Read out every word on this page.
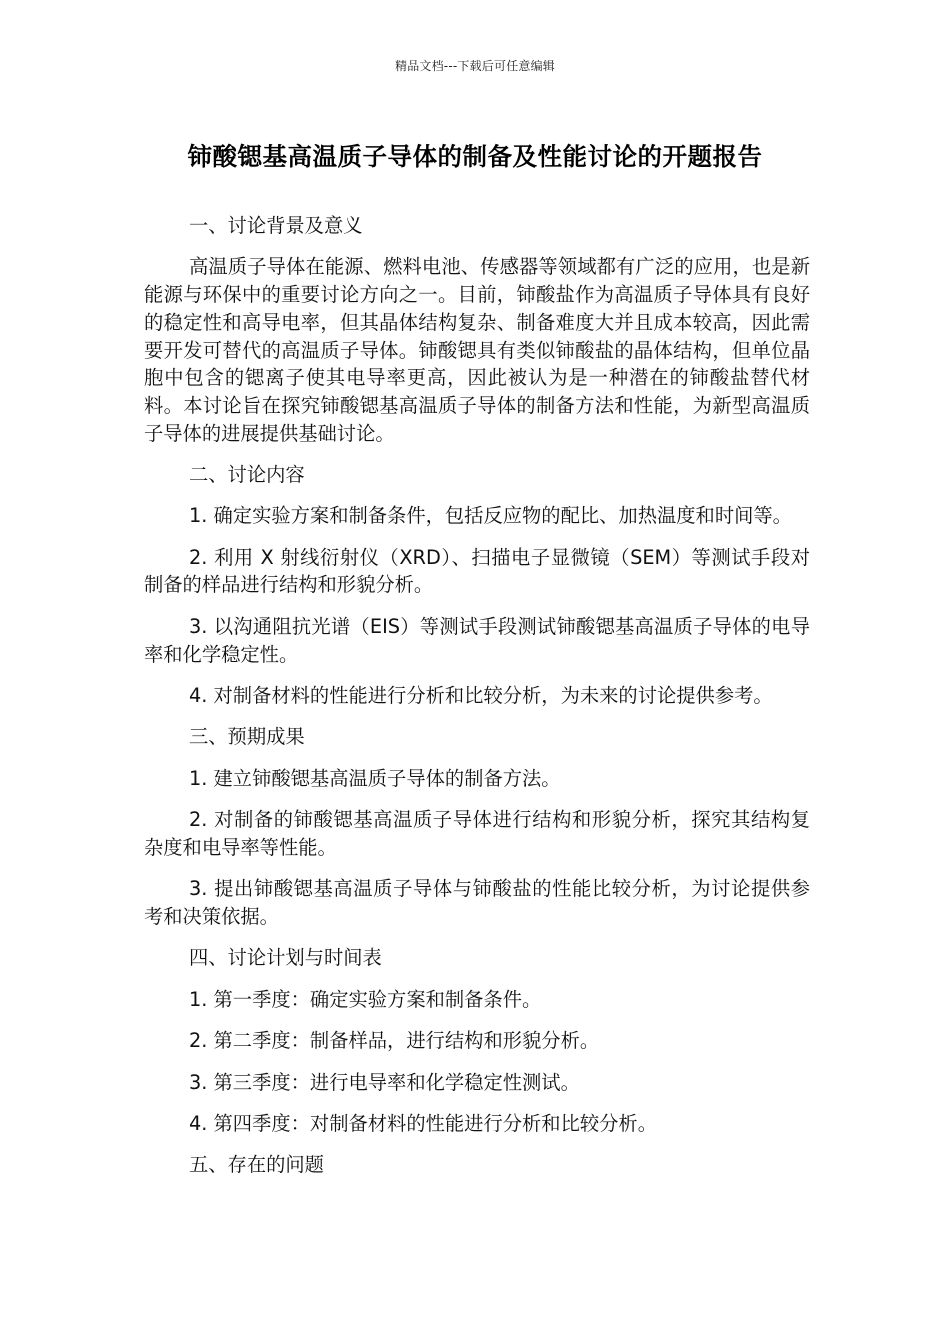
精品文档---下载后可任意编辑
铈酸锶基高温质子导体的制备及性能讨论的开题报告

一、讨论背景及意义

高温质子导体在能源、燃料电池、传感器等领域都有广泛的应用，也是新能源与环保中的重要讨论方向之一。目前，铈酸盐作为高温质子导体具有良好的稳定性和高导电率，但其晶体结构复杂、制备难度大并且成本较高，因此需要开发可替代的高温质子导体。铈酸锶具有类似铈酸盐的晶体结构，但单位晶胞中包含的锶离子使其电导率更高，因此被认为是一种潜在的铈酸盐替代材料。本讨论旨在探究铈酸锶基高温质子导体的制备方法和性能，为新型高温质子导体的进展提供基础讨论。

二、讨论内容

1. 确定实验方案和制备条件，包括反应物的配比、加热温度和时间等。

2. 利用 X 射线衍射仪（XRD）、扫描电子显微镜（SEM）等测试手段对制备的样品进行结构和形貌分析。

3. 以沟通阻抗光谱（EIS）等测试手段测试铈酸锶基高温质子导体的电导率和化学稳定性。

4. 对制备材料的性能进行分析和比较分析，为未来的讨论提供参考。

三、预期成果

1. 建立铈酸锶基高温质子导体的制备方法。

2. 对制备的铈酸锶基高温质子导体进行结构和形貌分析，探究其结构复杂度和电导率等性能。

3. 提出铈酸锶基高温质子导体与铈酸盐的性能比较分析，为讨论提供参考和决策依据。

四、讨论计划与时间表

1. 第一季度：确定实验方案和制备条件。

2. 第二季度：制备样品，进行结构和形貌分析。

3. 第三季度：进行电导率和化学稳定性测试。

4. 第四季度：对制备材料的性能进行分析和比较分析。

五、存在的问题
